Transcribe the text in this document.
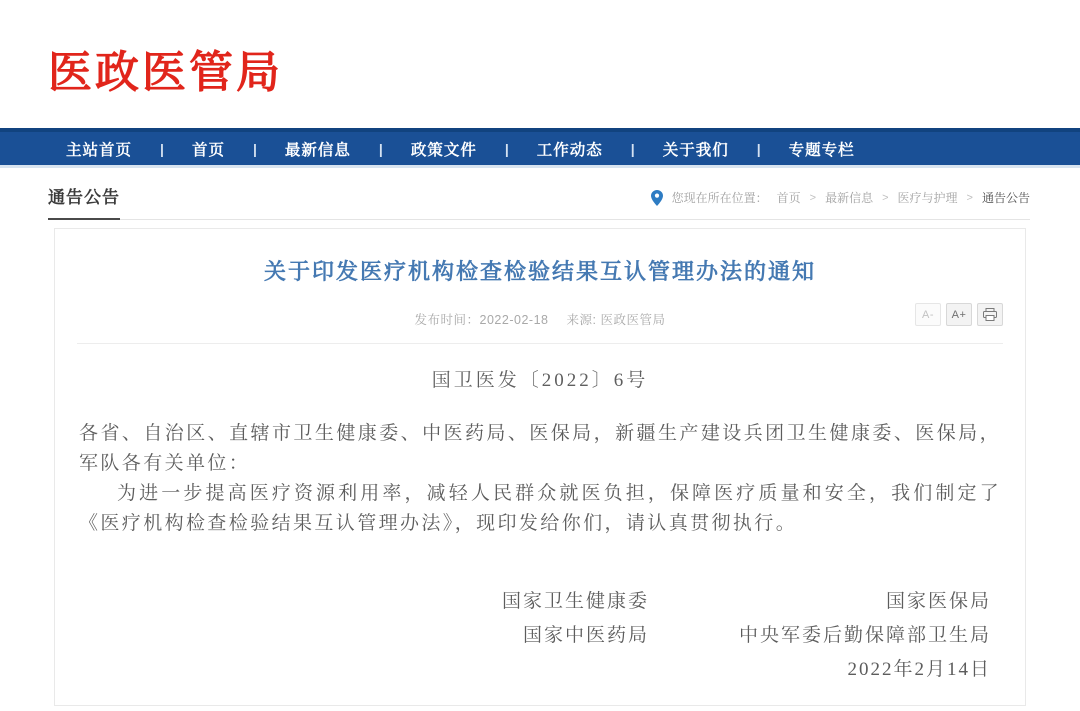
医政医管局
主站首页 | 首页 | 最新信息 | 政策文件 | 工作动态 | 关于我们 | 专题专栏
通告公告	您现在所在位置： 首页 > 最新信息 > 医疗与护理 > 通告公告
关于印发医疗机构检查检验结果互认管理办法的通知
发布时间：2022-02-18 来源: 医政医管局	A-	A+
国卫医发〔2022〕6号

各省、自治区、直辖市卫生健康委、中医药局、医保局，新疆生产建设兵团卫生健康委、医保局，军队各有关单位：

为进一步提高医疗资源利用率，减轻人民群众就医负担，保障医疗质量和安全，我们制定了《医疗机构检查检验结果互认管理办法》，现印发给你们，请认真贯彻执行。

国家卫生健康委	国家医保局
国家中医药局	中央军委后勤保障部卫生局
2022年2月14日
